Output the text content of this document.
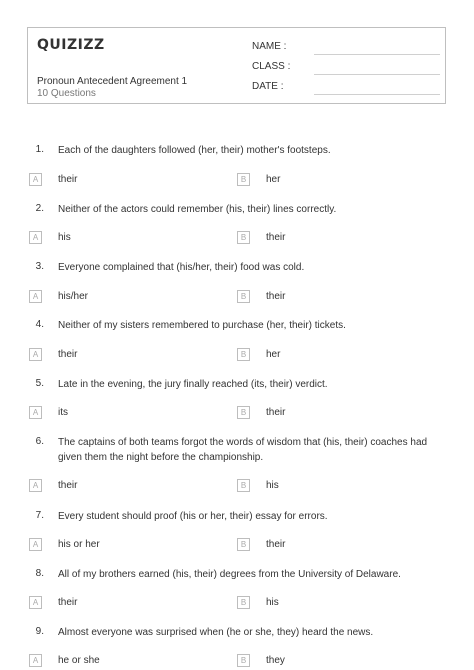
QUIZIZZ
Pronoun Antecedent Agreement 1
10 Questions
NAME :
CLASS :
DATE :
1. Each of the daughters followed (her, their) mother's footsteps.
A	their	B	her
2. Neither of the actors could remember (his, their) lines correctly.
A	his	B	their
3. Everyone complained that (his/her, their) food was cold.
A	his/her	B	their
4. Neither of my sisters remembered to purchase (her, their) tickets.
A	their	B	her
5. Late in the evening, the jury finally reached (its, their) verdict.
A	its	B	their
6. The captains of both teams forgot the words of wisdom that (his, their) coaches had given them the night before the championship.
A	their	B	his
7. Every student should proof (his or her, their) essay for errors.
A	his or her	B	their
8. All of my brothers earned (his, their) degrees from the University of Delaware.
A	their	B	his
9. Almost everyone was surprised when (he or she, they) heard the news.
A	he or she	B	they
